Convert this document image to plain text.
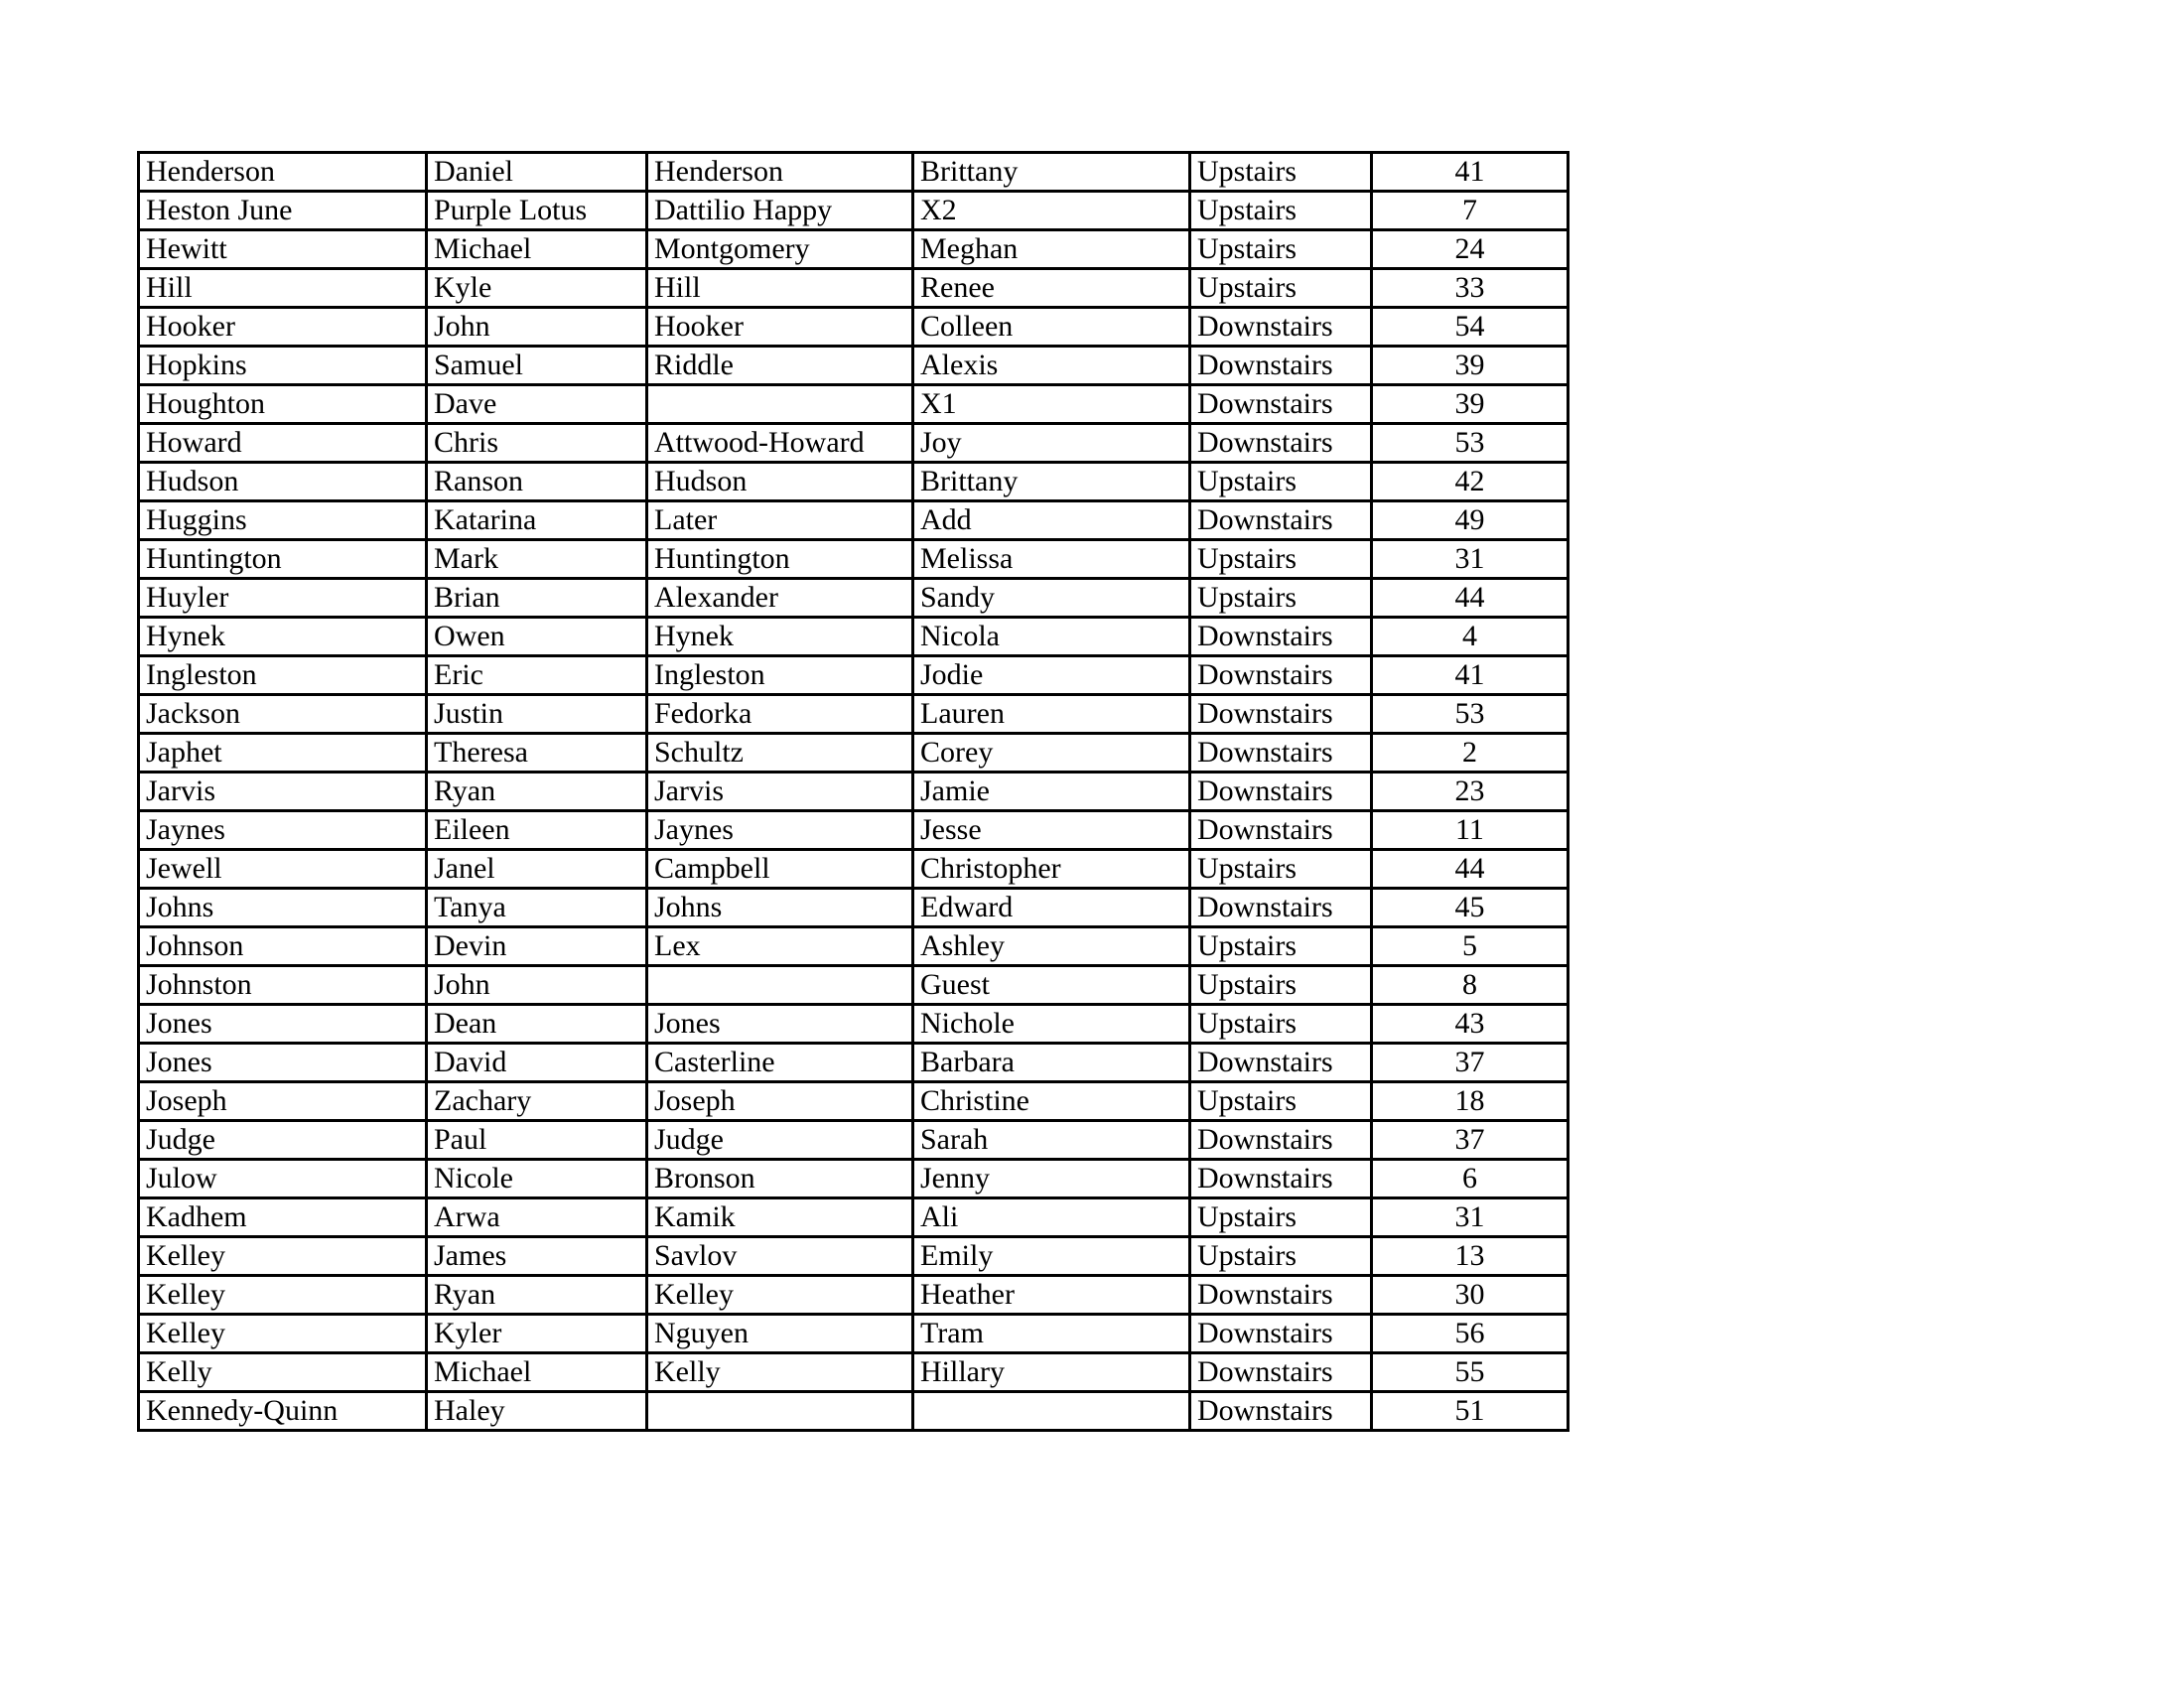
Henderson	Daniel	Henderson	Brittany	Upstairs	41
Heston June	Purple Lotus	Dattilio Happy	X2	Upstairs	7
Hewitt	Michael	Montgomery	Meghan	Upstairs	24
Hill	Kyle	Hill	Renee	Upstairs	33
Hooker	John	Hooker	Colleen	Downstairs	54
Hopkins	Samuel	Riddle	Alexis	Downstairs	39
Houghton	Dave		X1	Downstairs	39
Howard	Chris	Attwood-Howard	Joy	Downstairs	53
Hudson	Ranson	Hudson	Brittany	Upstairs	42
Huggins	Katarina	Later	Add	Downstairs	49
Huntington	Mark	Huntington	Melissa	Upstairs	31
Huyler	Brian	Alexander	Sandy	Upstairs	44
Hynek	Owen	Hynek	Nicola	Downstairs	4
Ingleston	Eric	Ingleston	Jodie	Downstairs	41
Jackson	Justin	Fedorka	Lauren	Downstairs	53
Japhet	Theresa	Schultz	Corey	Downstairs	2
Jarvis	Ryan	Jarvis	Jamie	Downstairs	23
Jaynes	Eileen	Jaynes	Jesse	Downstairs	11
Jewell	Janel	Campbell	Christopher	Upstairs	44
Johns	Tanya	Johns	Edward	Downstairs	45
Johnson	Devin	Lex	Ashley	Upstairs	5
Johnston	John		Guest	Upstairs	8
Jones	Dean	Jones	Nichole	Upstairs	43
Jones	David	Casterline	Barbara	Downstairs	37
Joseph	Zachary	Joseph	Christine	Upstairs	18
Judge	Paul	Judge	Sarah	Downstairs	37
Julow	Nicole	Bronson	Jenny	Downstairs	6
Kadhem	Arwa	Kamik	Ali	Upstairs	31
Kelley	James	Savlov	Emily	Upstairs	13
Kelley	Ryan	Kelley	Heather	Downstairs	30
Kelley	Kyler	Nguyen	Tram	Downstairs	56
Kelly	Michael	Kelly	Hillary	Downstairs	55
Kennedy-Quinn	Haley			Downstairs	51
